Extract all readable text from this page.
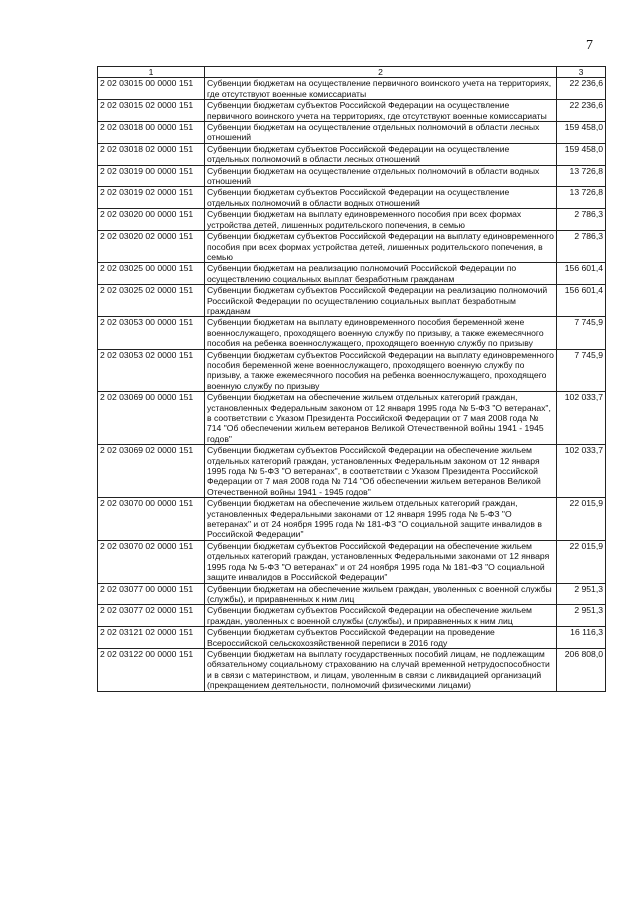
7
1	2	3
2 02 03015 00 0000 151	Субвенции бюджетам на осуществление первичного воинского учета на территориях, где отсутствуют военные комиссариаты	22 236,6
2 02 03015 02 0000 151	Субвенции бюджетам субъектов Российской Федерации на осуществление первичного воинского учета на территориях, где отсутствуют военные комиссариаты	22 236,6
2 02 03018 00 0000 151	Субвенции бюджетам на осуществление отдельных полномочий в области лесных отношений	159 458,0
2 02 03018 02 0000 151	Субвенции бюджетам субъектов Российской Федерации на осуществление отдельных полномочий в области лесных отношений	159 458,0
2 02 03019 00 0000 151	Субвенции бюджетам на осуществление отдельных полномочий в области водных отношений	13 726,8
2 02 03019 02 0000 151	Субвенции бюджетам субъектов Российской Федерации на осуществление отдельных полномочий в области водных отношений	13 726,8
2 02 03020 00 0000 151	Субвенции бюджетам на выплату единовременного пособия при всех формах устройства детей, лишенных родительского попечения, в семью	2 786,3
2 02 03020 02 0000 151	Субвенции бюджетам субъектов Российской Федерации на выплату единовременного пособия при всех формах устройства детей, лишенных родительского попечения, в семью	2 786,3
2 02 03025 00 0000 151	Субвенции бюджетам на реализацию полномочий Российской Федерации по осуществлению социальных выплат безработным гражданам	156 601,4
2 02 03025 02 0000 151	Субвенции бюджетам субъектов Российской Федерации на реализацию полномочий Российской Федерации по осуществлению социальных выплат безработным гражданам	156 601,4
2 02 03053 00 0000 151	Субвенции бюджетам на выплату единовременного пособия беременной жене военнослужащего, проходящего военную службу по призыву, а также ежемесячного пособия на ребенка военнослужащего, проходящего военную службу по призыву	7 745,9
2 02 03053 02 0000 151	Субвенции бюджетам субъектов Российской Федерации на выплату единовременного пособия беременной жене военнослужащего, проходящего военную службу по призыву, а также ежемесячного пособия на ребенка военнослужащего, проходящего военную службу по призыву	7 745,9
2 02 03069 00 0000 151	Субвенции бюджетам на обеспечение жильем отдельных категорий граждан, установленных Федеральным законом от 12 января 1995 года № 5-ФЗ "О ветеранах", в соответствии с Указом Президента Российской Федерации от 7 мая 2008 года № 714 "Об обеспечении жильем ветеранов Великой Отечественной войны 1941 - 1945 годов"	102 033,7
2 02 03069 02 0000 151	Субвенции бюджетам субъектов Российской Федерации на обеспечение жильем отдельных категорий граждан, установленных Федеральным законом от 12 января 1995 года № 5-ФЗ "О ветеранах", в соответствии с Указом Президента Российской Федерации от 7 мая 2008 года № 714 "Об обеспечении жильем ветеранов Великой Отечественной войны 1941 - 1945 годов"	102 033,7
2 02 03070 00 0000 151	Субвенции бюджетам на обеспечение жильем отдельных категорий граждан, установленных Федеральными законами от 12 января 1995 года № 5-ФЗ "О ветеранах" и от 24 ноября 1995 года № 181-ФЗ "О социальной защите инвалидов в Российской Федерации"	22 015,9
2 02 03070 02 0000 151	Субвенции бюджетам субъектов Российской Федерации на обеспечение жильем отдельных категорий граждан, установленных Федеральными законами от 12 января 1995 года № 5-ФЗ "О ветеранах" и от 24 ноября 1995 года № 181-ФЗ "О социальной защите инвалидов в Российской Федерации"	22 015,9
2 02 03077 00 0000 151	Субвенции бюджетам на обеспечение жильем граждан, уволенных с военной службы (службы), и приравненных к ним лиц	2 951,3
2 02 03077 02 0000 151	Субвенции бюджетам субъектов Российской Федерации на обеспечение жильем граждан, уволенных с военной службы (службы), и приравненных к ним лиц	2 951,3
2 02 03121 02 0000 151	Субвенции бюджетам субъектов Российской Федерации на проведение Всероссийской сельскохозяйственной переписи в 2016 году	16 116,3
2 02 03122 00 0000 151	Субвенции бюджетам на выплату государственных пособий лицам, не подлежащим обязательному социальному страхованию на случай временной нетрудоспособности и в связи с материнством, и лицам, уволенным в связи с ликвидацией организаций (прекращением деятельности, полномочий физическими лицами)	206 808,0
